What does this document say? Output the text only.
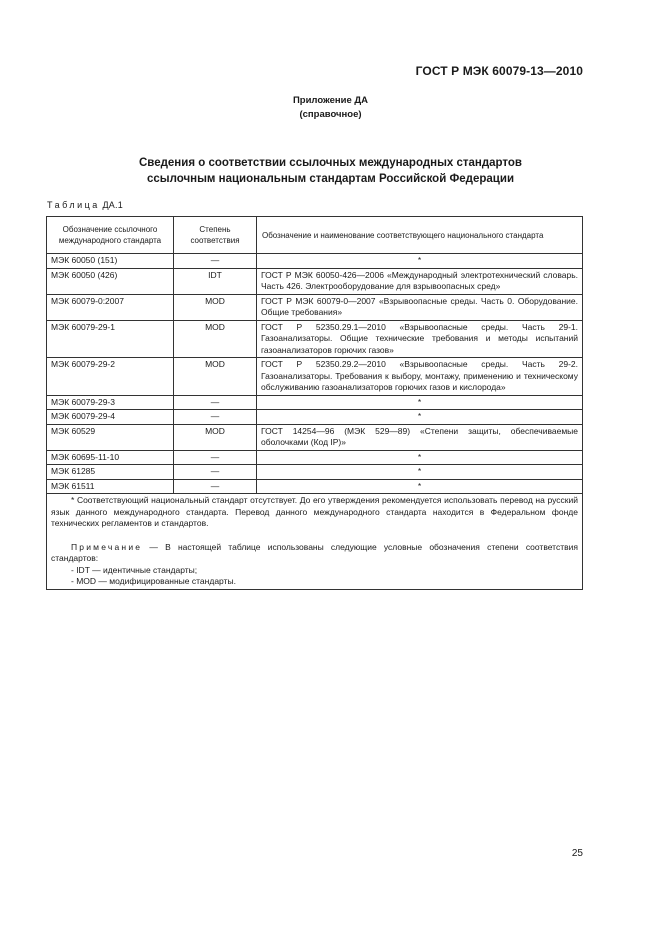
ГОСТ Р МЭК 60079-13—2010
Приложение ДА
(справочное)
Сведения о соответствии ссылочных международных стандартов
ссылочным национальным стандартам Российской Федерации
Таблица ДА.1
Обозначение ссылочного международного стандарта	Степень соответствия	Обозначение и наименование соответствующего национального стандарта
МЭК 60050 (151)	—	*
МЭК 60050 (426)	IDT	ГОСТ Р МЭК 60050-426—2006 «Международный электротехнический словарь. Часть 426. Электрооборудование для взрывоопасных сред»
МЭК 60079-0:2007	MOD	ГОСТ Р МЭК 60079-0—2007 «Взрывоопасные среды. Часть 0. Оборудование. Общие требования»
МЭК 60079-29-1	MOD	ГОСТ Р 52350.29.1—2010 «Взрывоопасные среды. Часть 29-1. Газоанализаторы. Общие технические требования и методы испытаний газоанализаторов горючих газов»
МЭК 60079-29-2	MOD	ГОСТ Р 52350.29.2—2010 «Взрывоопасные среды. Часть 29-2. Газоанализаторы. Требования к выбору, монтажу, применению и техническому обслуживанию газоанализаторов горючих газов и кислорода»
МЭК 60079-29-3	—	*
МЭК 60079-29-4	—	*
МЭК 60529	MOD	ГОСТ 14254—96 (МЭК 529—89) «Степени защиты, обеспечиваемые оболочками (Код IP)»
МЭК 60695-11-10	—	*
МЭК 61285	—	*
МЭК 61511	—	*

* Соответствующий национальный стандарт отсутствует. До его утверждения рекомендуется использовать перевод на русский язык данного международного стандарта. Перевод данного международного стандарта находится в Федеральном фонде технических регламентов и стандартов.

Примечание — В настоящей таблице использованы следующие условные обозначения степени соответствия стандартов:

- IDT — идентичные стандарты;

- MOD — модифицированные стандарты.		

25
